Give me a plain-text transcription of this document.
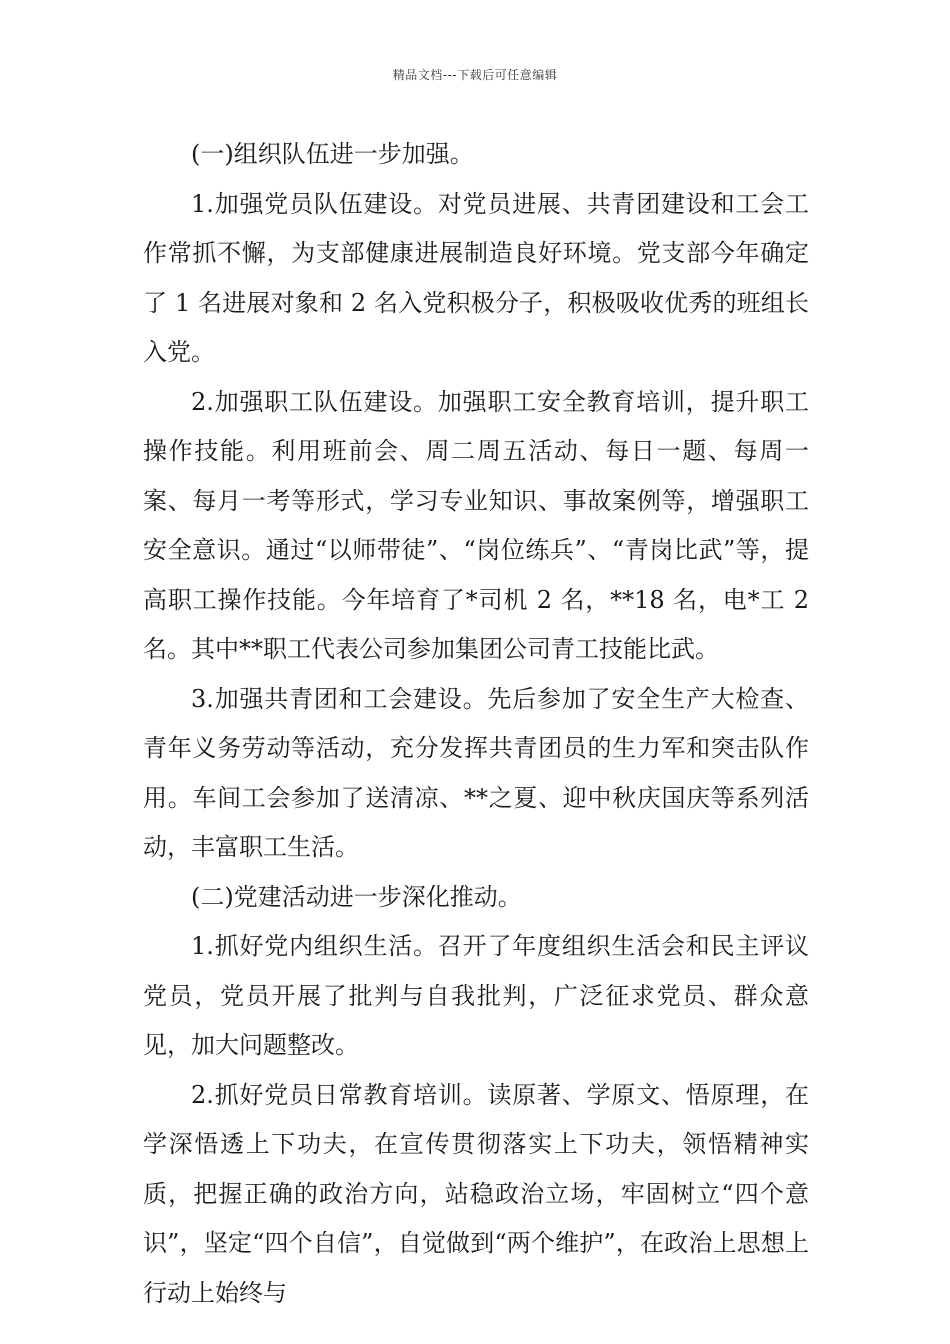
精品文档---下载后可任意编辑

(一)组织队伍进一步加强。

1.加强党员队伍建设。对党员进展、共青团建设和工会工作常抓不懈，为支部健康进展制造良好环境。党支部今年确定了 1 名进展对象和 2 名入党积极分子，积极吸收优秀的班组长入党。

2.加强职工队伍建设。加强职工安全教育培训，提升职工操作技能。利用班前会、周二周五活动、每日一题、每周一案、每月一考等形式，学习专业知识、事故案例等，增强职工安全意识。通过“以师带徒”、“岗位练兵”、“青岗比武”等，提高职工操作技能。今年培育了*司机 2 名，**18 名，电*工 2 名。其中**职工代表公司参加集团公司青工技能比武。

3.加强共青团和工会建设。先后参加了安全生产大检查、青年义务劳动等活动，充分发挥共青团员的生力军和突击队作用。车间工会参加了送清凉、**之夏、迎中秋庆国庆等系列活动，丰富职工生活。

(二)党建活动进一步深化推动。

1.抓好党内组织生活。召开了年度组织生活会和民主评议党员，党员开展了批判与自我批判，广泛征求党员、群众意见，加大问题整改。

2.抓好党员日常教育培训。读原著、学原文、悟原理，在学深悟透上下功夫，在宣传贯彻落实上下功夫，领悟精神实质，把握正确的政治方向，站稳政治立场，牢固树立“四个意识”，坚定“四个自信”，自觉做到“两个维护”，在政治上思想上行动上始终与
